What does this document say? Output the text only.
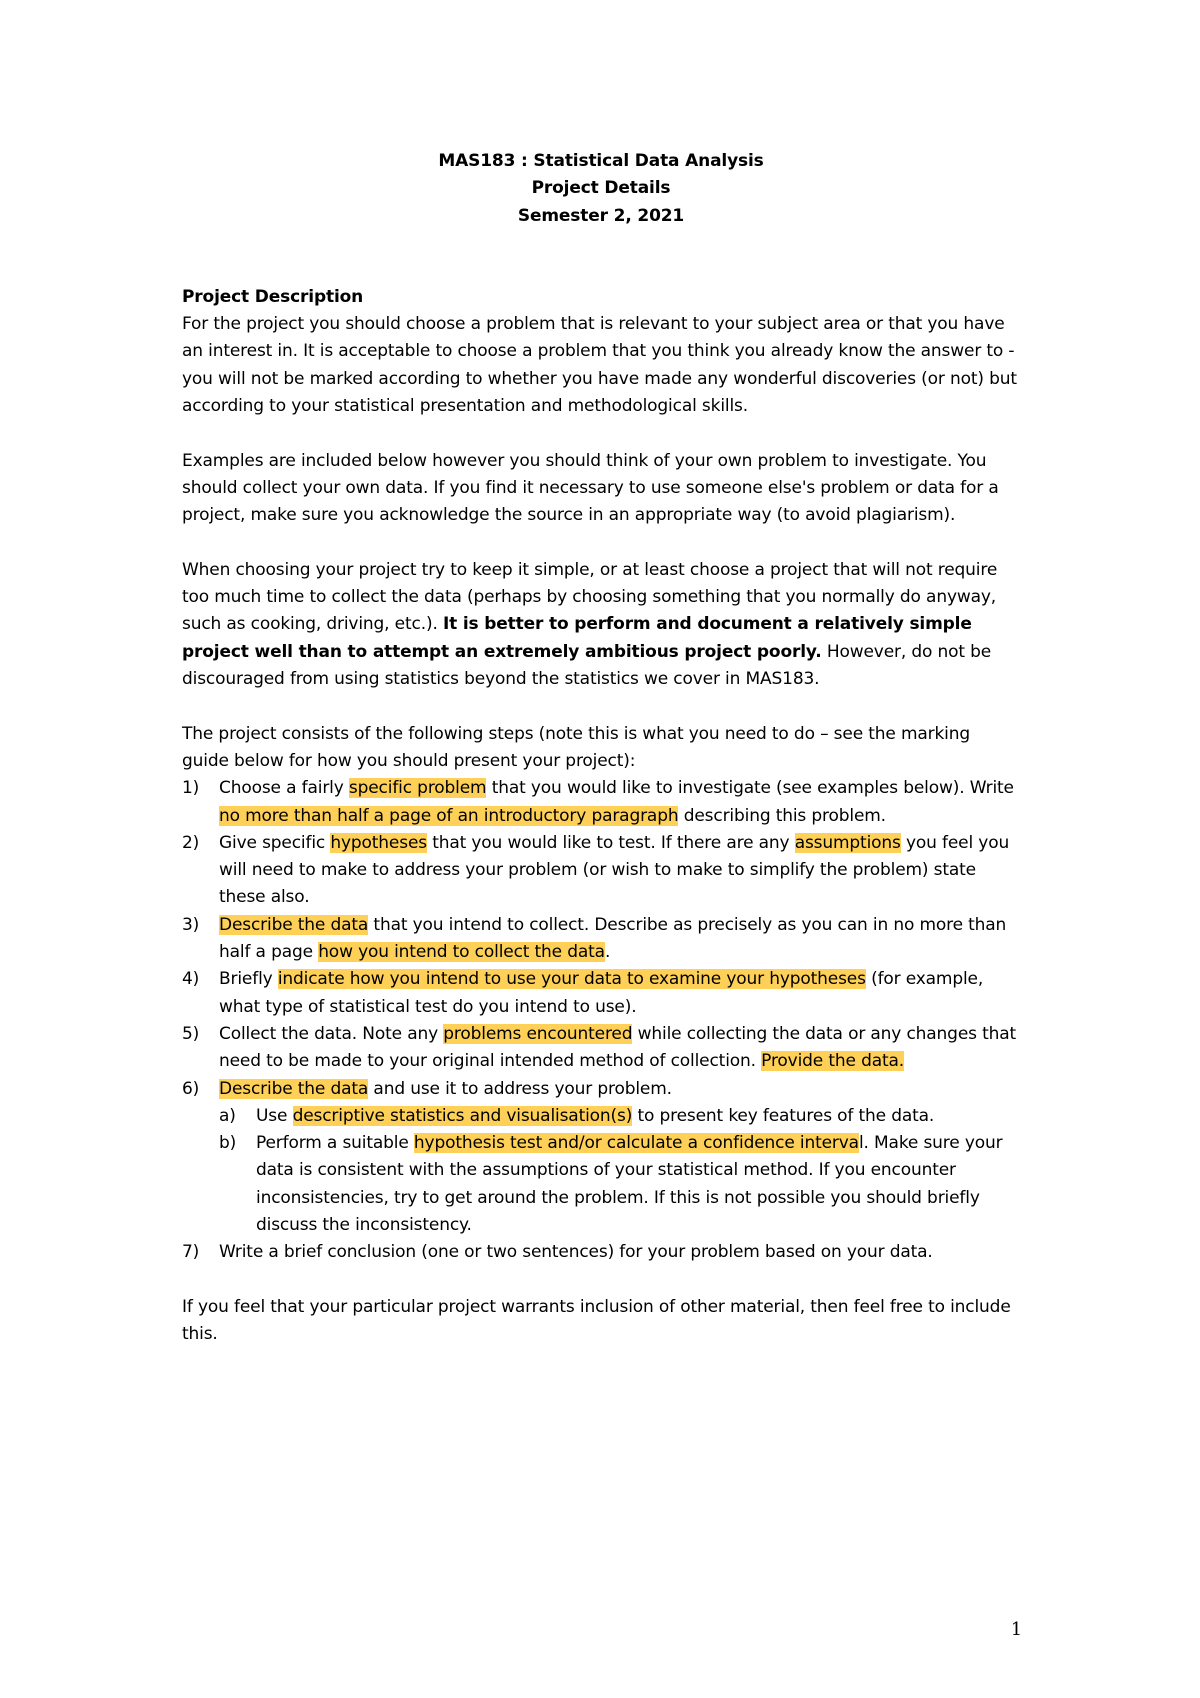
MAS183 : Statistical Data Analysis
Project Details
Semester 2, 2021

Project Description

For the project you should choose a problem that is relevant to your subject area or that you have an interest in. It is acceptable to choose a problem that you think you already know the answer to - you will not be marked according to whether you have made any wonderful discoveries (or not) but according to your statistical presentation and methodological skills.

Examples are included below however you should think of your own problem to investigate. You should collect your own data. If you find it necessary to use someone else's problem or data for a project, make sure you acknowledge the source in an appropriate way (to avoid plagiarism).

When choosing your project try to keep it simple, or at least choose a project that will not require too much time to collect the data (perhaps by choosing something that you normally do anyway, such as cooking, driving, etc.). It is better to perform and document a relatively simple project well than to attempt an extremely ambitious project poorly. However, do not be discouraged from using statistics beyond the statistics we cover in MAS183.

The project consists of the following steps (note this is what you need to do – see the marking guide below for how you should present your project):

1) Choose a fairly specific problem that you would like to investigate (see examples below). Write no more than half a page of an introductory paragraph describing this problem.
2) Give specific hypotheses that you would like to test. If there are any assumptions you feel you will need to make to address your problem (or wish to make to simplify the problem) state these also.
3) Describe the data that you intend to collect. Describe as precisely as you can in no more than half a page how you intend to collect the data.
4) Briefly indicate how you intend to use your data to examine your hypotheses (for example, what type of statistical test do you intend to use).
5) Collect the data. Note any problems encountered while collecting the data or any changes that need to be made to your original intended method of collection. Provide the data.
6) Describe the data and use it to address your problem.
a) Use descriptive statistics and visualisation(s) to present key features of the data.
b) Perform a suitable hypothesis test and/or calculate a confidence interval. Make sure your data is consistent with the assumptions of your statistical method. If you encounter inconsistencies, try to get around the problem. If this is not possible you should briefly discuss the inconsistency.
7) Write a brief conclusion (one or two sentences) for your problem based on your data.

If you feel that your particular project warrants inclusion of other material, then feel free to include this.

1
